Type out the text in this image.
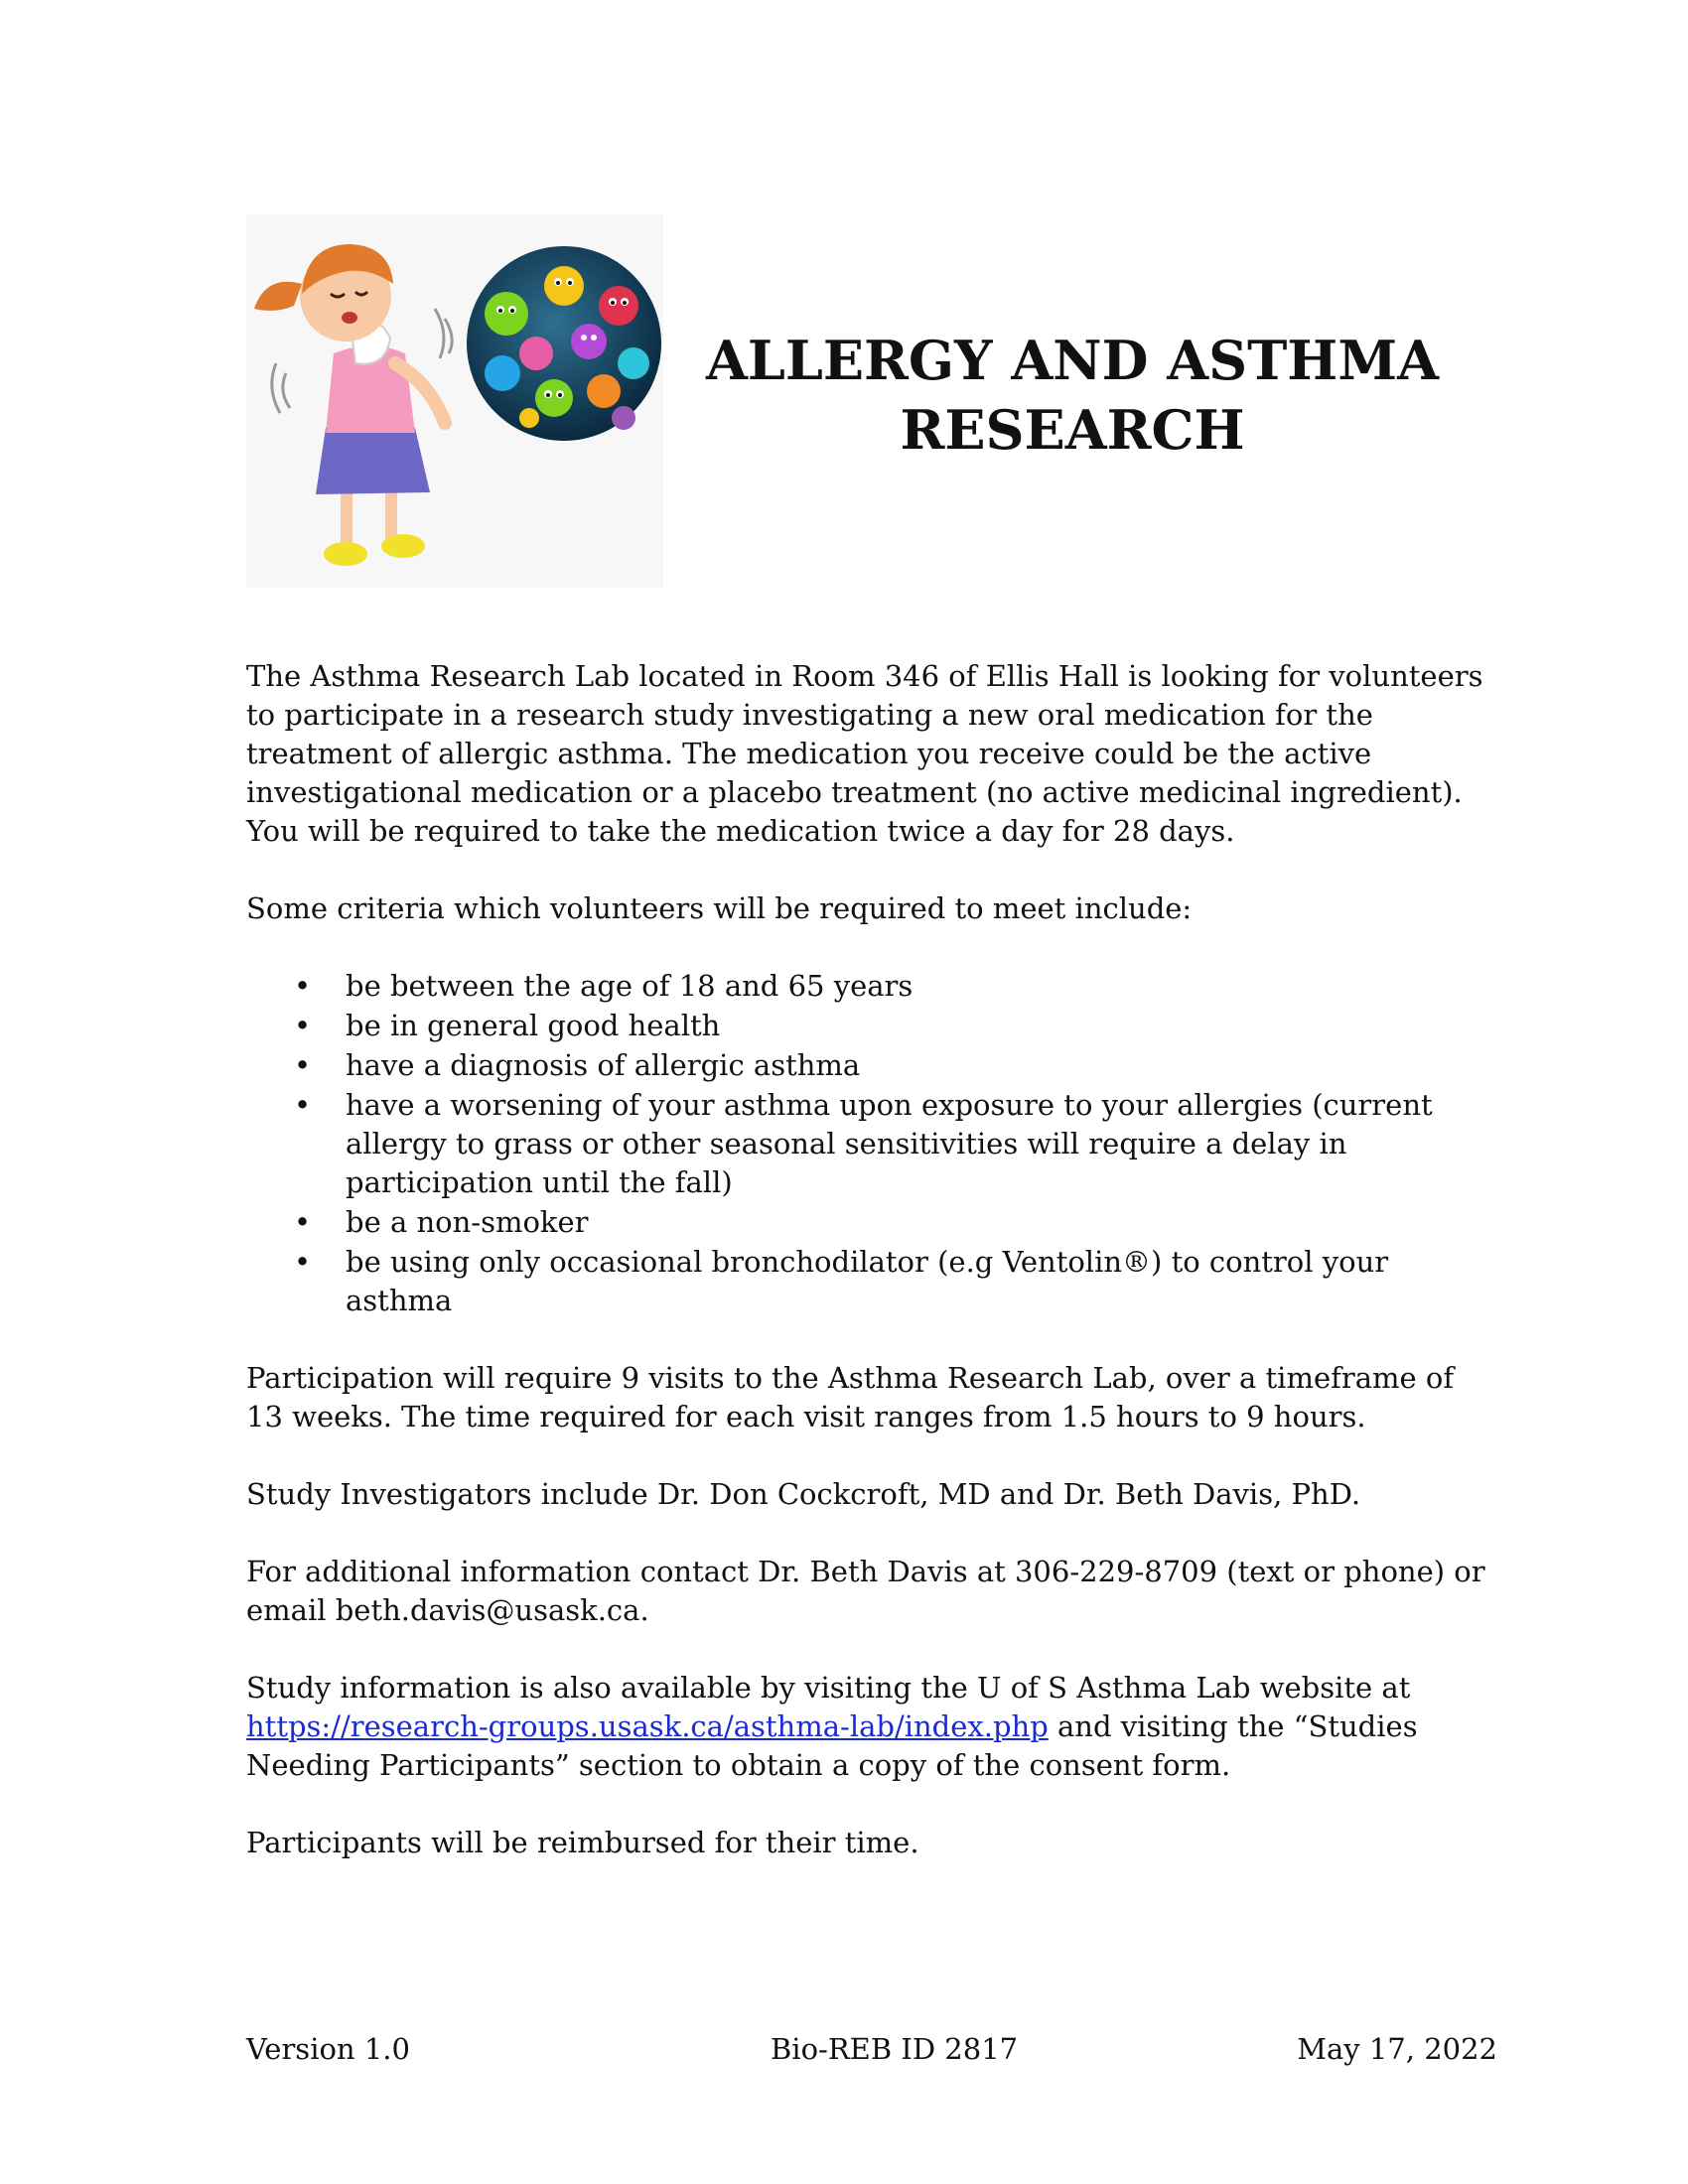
ALLERGY AND ASTHMA
RESEARCH

The Asthma Research Lab located in Room 346 of Ellis Hall is looking for volunteers to participate in a research study investigating a new oral medication for the treatment of allergic asthma. The medication you receive could be the active investigational medication or a placebo treatment (no active medicinal ingredient). You will be required to take the medication twice a day for 28 days.

Some criteria which volunteers will be required to meet include:

• be between the age of 18 and 65 years
• be in general good health
• have a diagnosis of allergic asthma
• have a worsening of your asthma upon exposure to your allergies (current allergy to grass or other seasonal sensitivities will require a delay in participation until the fall)
• be a non-smoker
• be using only occasional bronchodilator (e.g Ventolin®) to control your asthma

Participation will require 9 visits to the Asthma Research Lab, over a timeframe of 13 weeks. The time required for each visit ranges from 1.5 hours to 9 hours.

Study Investigators include Dr. Don Cockcroft, MD and Dr. Beth Davis, PhD.

For additional information contact Dr. Beth Davis at 306-229-8709 (text or phone) or email beth.davis@usask.ca.

Study information is also available by visiting the U of S Asthma Lab website at https://research-groups.usask.ca/asthma-lab/index.php and visiting the “Studies Needing Participants” section to obtain a copy of the consent form.

Participants will be reimbursed for their time.

Version 1.0	Bio-REB ID 2817	May 17, 2022
